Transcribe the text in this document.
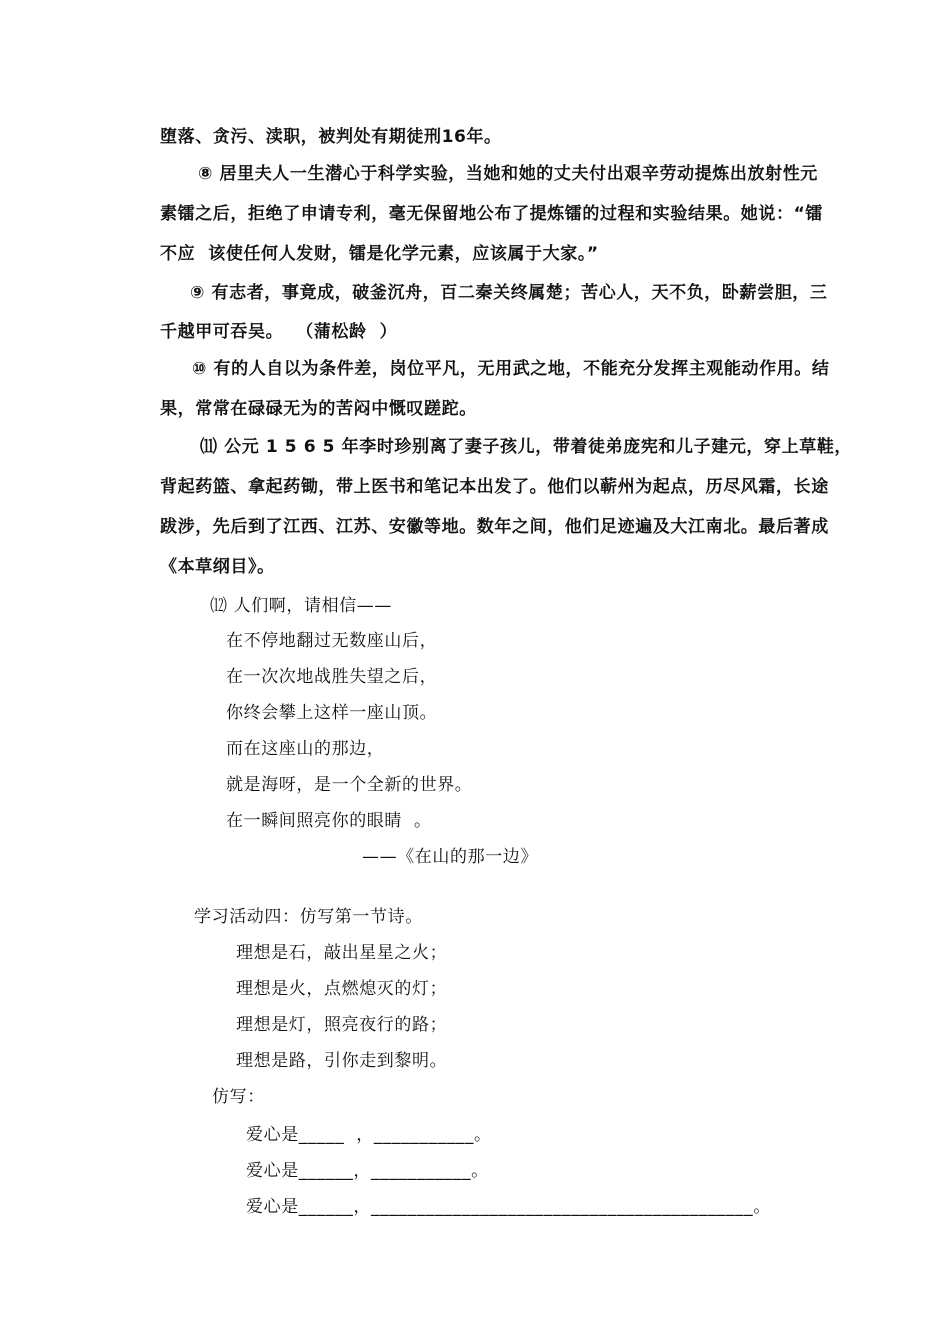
堕落、贪污、渎职，被判处有期徒刑16年。
⑧ 居里夫人一生潜心于科学实验，当她和她的丈夫付出艰辛劳动提炼出放射性元
素镭之后，拒绝了申请专利，毫无保留地公布了提炼镭的过程和实验结果。她说：“镭
不应  该使任何人发财，镭是化学元素，应该属于大家。”
⑨ 有志者，事竟成，破釜沉舟，百二秦关终属楚；苦心人，天不负，卧薪尝胆，三
千越甲可吞吴。  （蒲松龄  ）
⑩ 有的人自以为条件差，岗位平凡，无用武之地，不能充分发挥主观能动作用。结
果，常常在碌碌无为的苦闷中慨叹蹉跎。
⑾ 公元 1 5 6 5 年李时珍别离了妻子孩儿，带着徒弟庞宪和儿子建元，穿上草鞋，
背起药篮、拿起药锄，带上医书和笔记本出发了。他们以蕲州为起点，历尽风霜，长途
跋涉，先后到了江西、江苏、安徽等地。数年之间，他们足迹遍及大江南北。最后著成
《本草纲目》。
⑿ 人们啊，请相信——
在不停地翻过无数座山后，
在一次次地战胜失望之后，
你终会攀上这样一座山顶。
而在这座山的那边，
就是海呀，是一个全新的世界。
在一瞬间照亮你的眼睛  。
——《在山的那一边》
学习活动四：仿写第一节诗。
理想是石，敲出星星之火；
理想是火，点燃熄灭的灯；
理想是灯，照亮夜行的路；
理想是路，引你走到黎明。
仿写：
爱心是_____  ，___________。
爱心是______，___________。
爱心是______，__________________________________________。
